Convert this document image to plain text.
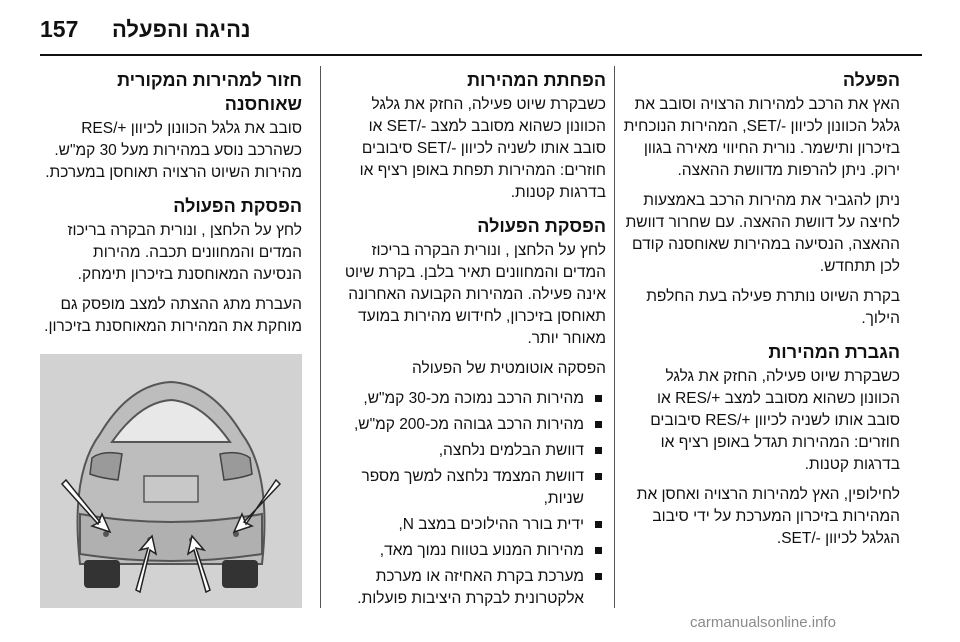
157 נהיגה והפעלה
הפעלה

האץ את הרכב למהירות הרצויה וסובב את גלגל הכוונון לכיוון ‎SET/-‎, המהירות הנוכחית בזיכרון ותישמר. נורית החיווי מאירה בגוון ירוק. ניתן להרפות מדוושת ההאצה.

ניתן להגביר את מהירות הרכב באמצעות לחיצה על דוושת ההאצה. עם שחרור דוושת ההאצה, הנסיעה במהירות שאוחסנה קודם לכן תתחדש.

בקרת השיוט נותרת פעילה בעת החלפת הילוך.

הגברת המהירות

כשבקרת שיוט פעילה, החזק את גלגל הכוונון כשהוא מסובב למצב ‎RES/+‎ או סובב אותו לשניה לכיוון ‎RES/+‎ סיבובים חוזרים: המהירות תגדל באופן רציף או בדרגות קטנות.

לחילופין, האץ למהירות הרצויה ואחסן את המהירות בזיכרון המערכת על ידי סיבוב הגלגל לכיוון ‎SET/-‎.

הפחתת המהירות

כשבקרת שיוט פעילה, החזק את גלגל הכוונון כשהוא מסובב למצב ‎SET/-‎ או סובב אותו לשניה לכיוון ‎SET/-‎ סיבובים חוזרים: המהירות תפחת באופן רציף או בדרגות קטנות.

הפסקת הפעולה

לחץ על הלחצן , ונורית הבקרה בריכוז המדים והמחוונים תאיר בלבן. בקרת שיוט אינה פעילה. המהירות הקבועה האחרונה תאוחסן בזיכרון, לחידוש מהירות במועד מאוחר יותר.

הפסקה אוטומטית של הפעולה

מהירות הרכב נמוכה מכ-30 קמ"ש,
מהירות הרכב גבוהה מכ-200 קמ"ש,
דוושת הבלמים נלחצה,
דוושת המצמד נלחצה למשך מספר שניות,
ידית בורר ההילוכים במצב N,
מהירות המנוע בטווח נמוך מאד,
מערכת בקרת האחיזה או מערכת אלקטרונית לבקרת היציבות פועלות.
חזור למהירות המקורית שאוחסנה

סובב את גלגל הכוונון לכיוון ‎RES/+‎ כשהרכב נוסע במהירות מעל 30 קמ"ש. מהירות השיוט הרצויה תאוחסן במערכת.

הפסקת הפעולה

לחץ על הלחצן , ונורית הבקרה בריכוז המדים והמחוונים תכבה. מהירות הנסיעה המאוחסנת בזיכרון תימחק.

העברת מתג ההצתה למצב מופסק גם מוחקת את המהירות המאוחסנת בזיכרון.

carmanualsonline.info
